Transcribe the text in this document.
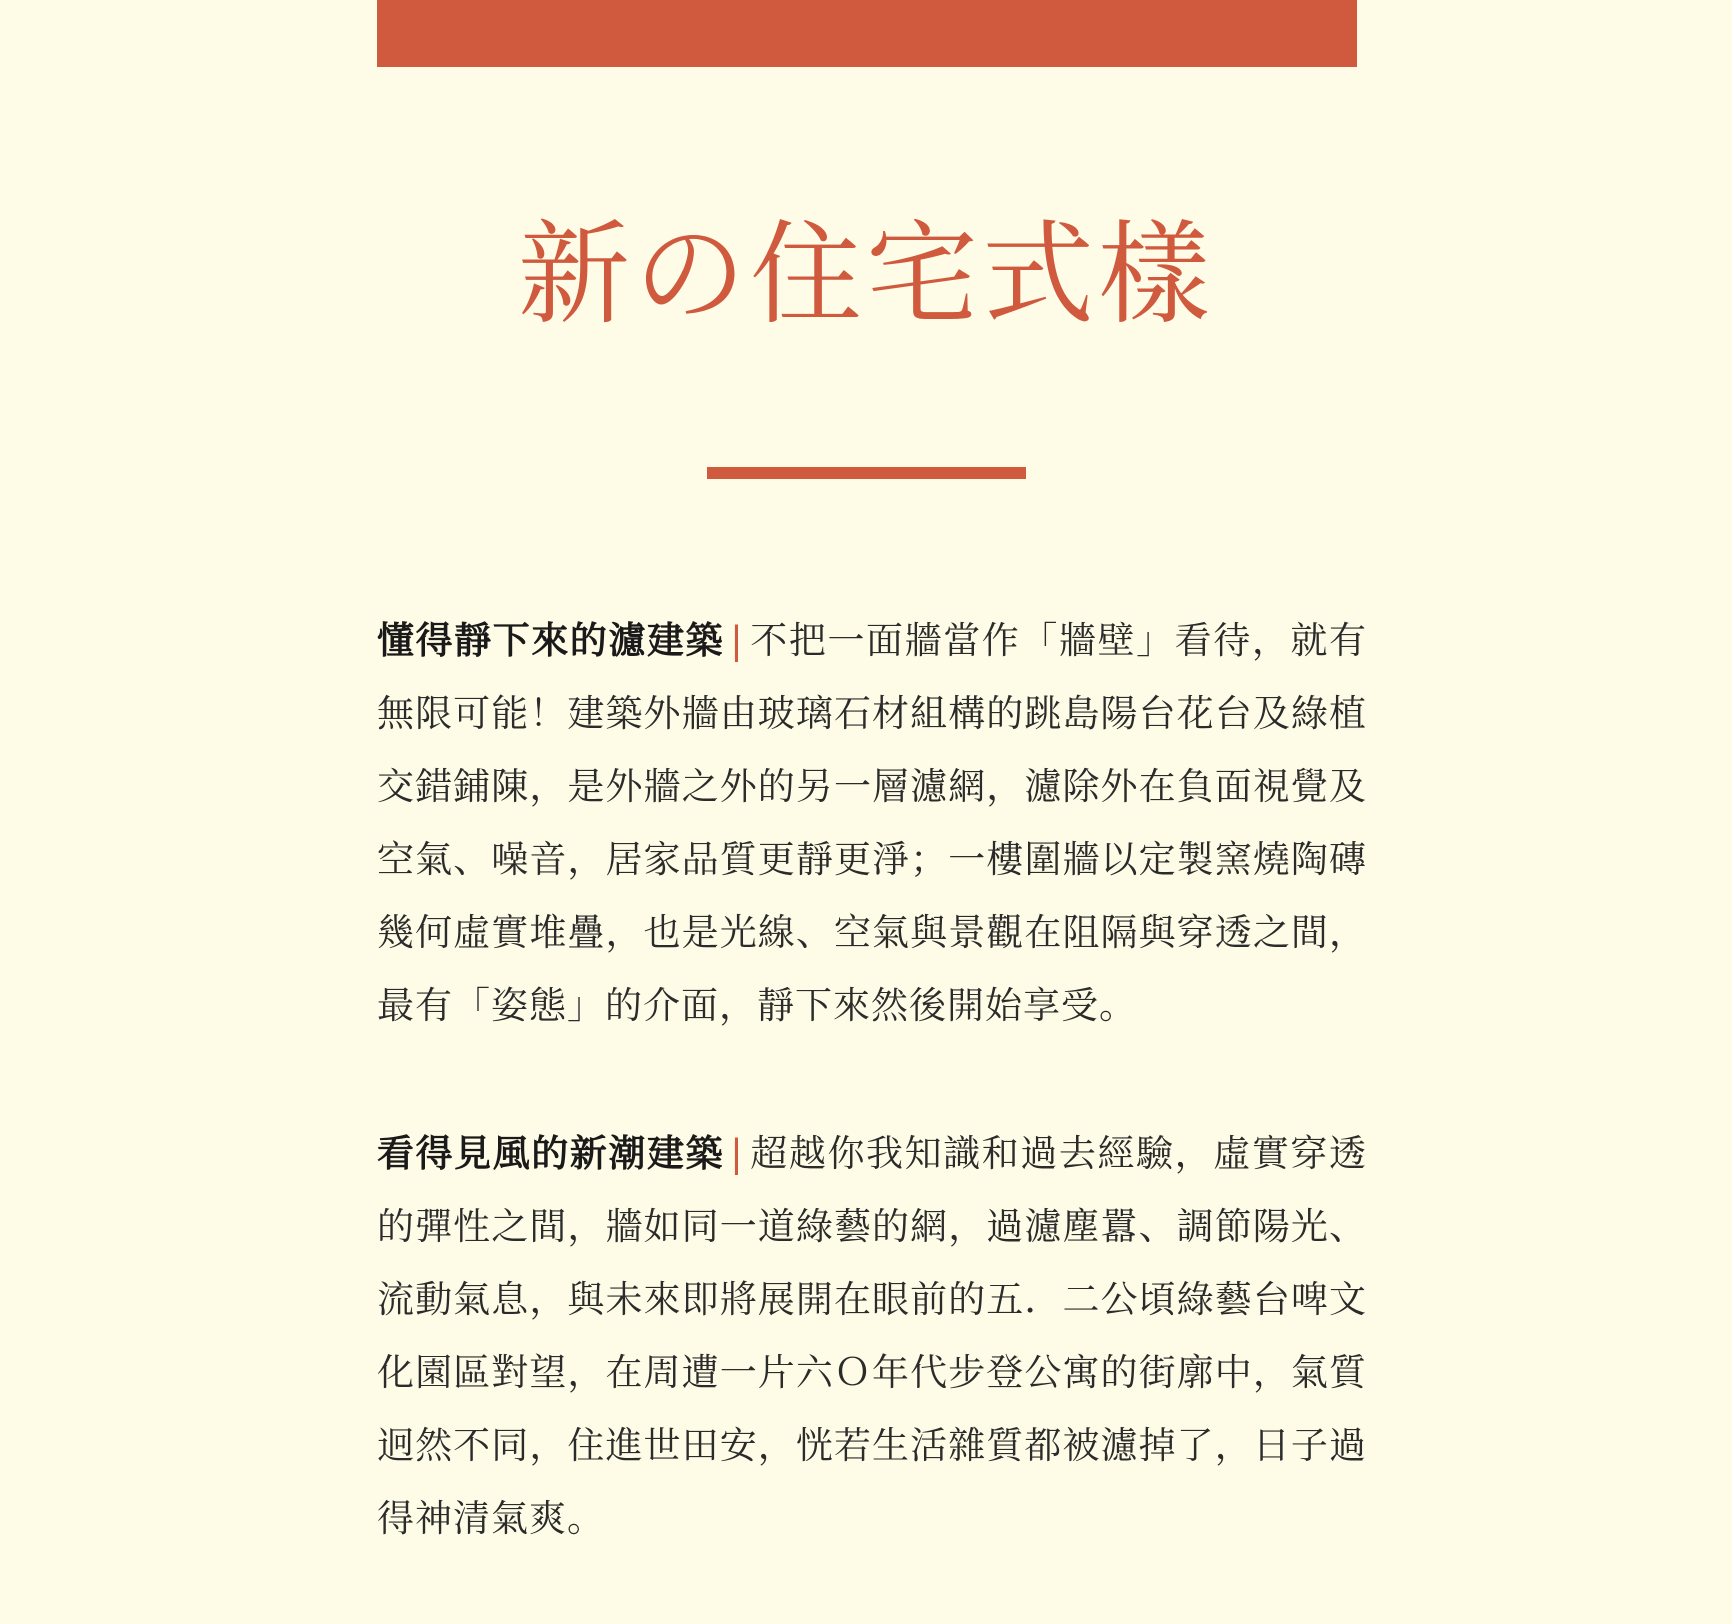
新の住宅式樣

懂得靜下來的濾建築 | 不把一面牆當作「牆壁」看待，就有無限可能！建築外牆由玻璃石材組構的跳島陽台花台及綠植交錯鋪陳，是外牆之外的另一層濾網，濾除外在負面視覺及空氣、噪音，居家品質更靜更淨；一樓圍牆以定製窯燒陶磚幾何虛實堆疊，也是光線、空氣與景觀在阻隔與穿透之間，最有「姿態」的介面，靜下來然後開始享受。

看得見風的新潮建築 | 超越你我知識和過去經驗，虛實穿透的彈性之間，牆如同一道綠藝的網，過濾塵囂、調節陽光、流動氣息，與未來即將展開在眼前的五．二公頃綠藝台啤文化園區對望，在周遭一片六Ｏ年代步登公寓的街廓中，氣質迥然不同，住進世田安，恍若生活雜質都被濾掉了，日子過得神清氣爽。
